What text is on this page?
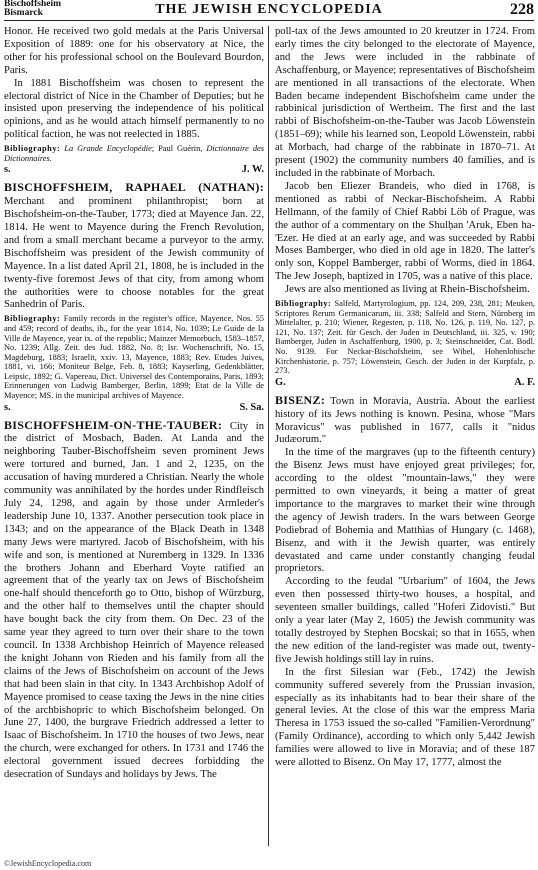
Bischoffsheim
Bismarck	THE JEWISH ENCYCLOPEDIA	228

Honor. He received two gold medals at the Paris Universal Exposition of 1889: one for his observatory at Nice, the other for his professional school on the Boulevard Bourdon, Paris.

In 1881 Bischoffsheim was chosen to represent the electoral district of Nice in the Chamber of Deputies; but he insisted upon preserving the independence of his political opinions, and as he would attach himself permanently to no political faction, he was not reelected in 1885.

Bibliography: La Grande Encyclopédie; Paul Guérin, Dictionnaire des Dictionnaires.
s.	J. W.

BISCHOFFSHEIM, RAPHAEL (NATHAN): Merchant and prominent philanthropist; born at Bischofsheim-on-the-Tauber, 1773; died at Mayence Jan. 22, 1814. He went to Mayence during the French Revolution, and from a small merchant became a purveyor to the army. Bischoffsheim was president of the Jewish community of Mayence. In a list dated April 21, 1808, he is included in the twenty-five foremost Jews of that city, from among whom the authorities were to choose notables for the great Sanhedrin of Paris.

Bibliography: Family records in the register's office, Mayence, Nos. 55 and 459; record of deaths, ib., for the year 1814, No. 1039; Le Guide de la Ville de Mayence, year ix. of the republic; Mainzer Memorbuch, 1583–1857, No. 1239; Allg. Zeit. des Jud. 1882, No. 8; Isr. Wochenschrift, No. 15, Magdeburg, 1883; Israelit, xxiv. 13, Mayence, 1883; Rev. Etudes Juives, 1881, vi. 166; Moniteur Belge, Feb. 8, 1883; Kayserling, Gedenkblätter, Leipsic, 1892; G. Vapereau, Dict. Universel des Contemporains, Paris, 1893; Erinnerungen von Ludwig Bamberger, Berlin, 1899; Etat de la Ville de Mayence; MS. in the municipal archives of Mayence.
s.	S. Sa.

BISCHOFFSHEIM-ON-THE-TAUBER: City in the district of Mosbach, Baden. At Landa and the neighboring Tauber-Bischoffsheim seven prominent Jews were tortured and burned, Jan. 1 and 2, 1235, on the accusation of having murdered a Christian. Nearly the whole community was annihilated by the hordes under Rindfleisch July 24, 1298, and again by those under Armleder's leadership June 10, 1337. Another persecution took place in 1343; and on the appearance of the Black Death in 1348 many Jews were martyred. Jacob of Bischofsheim, with his wife and son, is mentioned at Nuremberg in 1329. In 1336 the brothers Johann and Eberhard Voyte ratified an agreement that of the yearly tax on Jews of Bischofsheim one-half should thenceforth go to Otto, bishop of Würzburg, and the other half to themselves until the chapter should have bought back the city from them. On Dec. 23 of the same year they agreed to turn over their share to the town council. In 1338 Archbishop Heinrich of Mayence released the knight Johann von Rieden and his family from all the claims of the Jews of Bischofsheim on account of the Jews that had been slain in that city. In 1343 Archbishop Adolf of Mayence promised to cease taxing the Jews in the nine cities of the archbishopric to which Bischofsheim belonged. On June 27, 1400, the burgrave Friedrich addressed a letter to Isaac of Bischofsheim. In 1710 the houses of two Jews, near the church, were exchanged for others. In 1731 and 1746 the electoral government issued decrees forbidding the desecration of Sundays and holidays by Jews. The

poll-tax of the Jews amounted to 20 kreutzer in 1724. From early times the city belonged to the electorate of Mayence, and the Jews were included in the rabbinate of Aschaffenburg, or Mayence; representatives of Bischofsheim are mentioned in all transactions of the electorate. When Baden became independent Bischofsheim came under the rabbinical jurisdiction of Wertheim. The first and the last rabbi of Bischofsheim-on-the-Tauber was Jacob Löwenstein (1851–69); while his learned son, Leopold Löwenstein, rabbi at Morbach, had charge of the rabbinate in 1870–71. At present (1902) the community numbers 40 families, and is included in the rabbinate of Morbach.

Jacob ben Eliezer Brandeis, who died in 1768, is mentioned as rabbi of Neckar-Bischofsheim. A Rabbi Hellmann, of the family of Chief Rabbi Löb of Prague, was the author of a commentary on the Shulḥan 'Aruk, Eben ha-'Ezer. He died at an early age, and was succeeded by Rabbi Moses Bamberger, who died in old age in 1820. The latter's only son, Koppel Bamberger, rabbi of Worms, died in 1864. The Jew Joseph, baptized in 1705, was a native of this place.

Jews are also mentioned as living at Rhein-Bischofsheim.

Bibliography: Salfeld, Martyrologium, pp. 124, 209, 238, 281; Meuken, Scriptores Rerum Germanicarum, iii. 338; Salfeld and Stern, Nürnberg im Mittelalter, p. 210; Wiener, Regesten, p. 118, No. 126, p. 119, No. 127, p. 121, No. 137; Zeit. für Gesch. der Juden in Deutschland, iii. 325, v. 190; Bamberger, Juden in Aschaffenburg, 1900, p. 3; Steinschneider, Cat. Bodl. No. 9139. For Neckar-Bischofsheim, see Wibel, Hohenlohische Kirchenhistorie, p. 757; Löwenstein, Gesch. der Juden in der Kurpfalz, p. 273.
G.	A. F.

BISENZ: Town in Moravia, Austria. About the earliest history of its Jews nothing is known. Pesina, whose "Mars Moravicus" was published in 1677, calls it "nidus Judæorum."

In the time of the margraves (up to the fifteenth century) the Bisenz Jews must have enjoyed great privileges; for, according to the oldest "mountain-laws," they were permitted to own vineyards, it being a matter of great importance to the margraves to market their wine through the agency of Jewish traders. In the wars between George Podiebrad of Bohemia and Matthias of Hungary (c. 1468), Bisenz, and with it the Jewish quarter, was entirely devastated and came under constantly changing feudal proprietors.

According to the feudal "Urbarium" of 1604, the Jews even then possessed thirty-two houses, a hospital, and seventeen smaller buildings, called "Hoferi Zidovisti." But only a year later (May 2, 1605) the Jewish community was totally destroyed by Stephen Bocskai; so that in 1655, when the new edition of the land-register was made out, twenty-five Jewish holdings still lay in ruins.

In the first Silesian war (Feb., 1742) the Jewish community suffered severely from the Prussian invasion, especially as its inhabitants had to bear their share of the general levies. At the close of this war the empress Maria Theresa in 1753 issued the so-called "Familien-Verordnung" (Family Ordinance), according to which only 5,442 Jewish families were allowed to live in Moravia; and of these 187 were allotted to Bisenz. On May 17, 1777, almost the

©JewishEncyclopedia.com
